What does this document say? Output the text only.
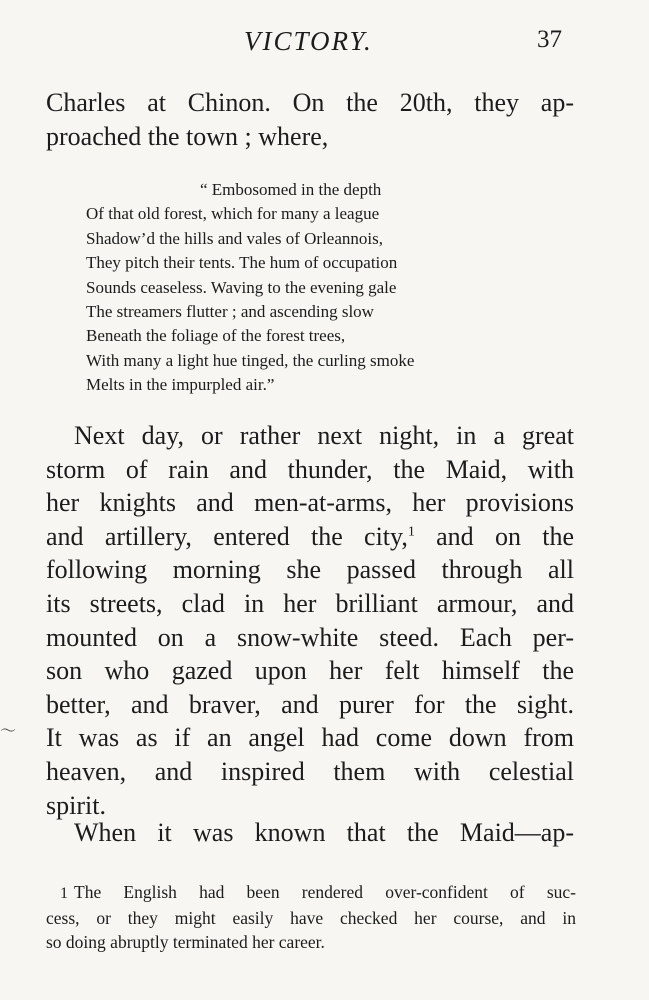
〜
VICTORY.	37
Charles at Chinon. On the 20th, they ap-
proached the town ; where,
“ Embosomed in the depth
Of that old forest, which for many a league
Shadow’d the hills and vales of Orleannois,
They pitch their tents. The hum of occupation
Sounds ceaseless. Waving to the evening gale
The streamers flutter ; and ascending slow
Beneath the foliage of the forest trees,
With many a light hue tinged, the curling smoke
Melts in the impurpled air.”
Next day, or rather next night, in a great
storm of rain and thunder, the Maid, with
her knights and men-at-arms, her provisions
and artillery, entered the city,$^1$ and on the
following morning she passed through all
its streets, clad in her brilliant armour, and
mounted on a snow-white steed. Each per-
son who gazed upon her felt himself the
better, and braver, and purer for the sight.
It was as if an angel had come down from
heaven, and inspired them with celestial
spirit.
When it was known that the Maid—ap-
1 The English had been rendered over-confident of suc-
cess, or they might easily have checked her course, and in
so doing abruptly terminated her career.
